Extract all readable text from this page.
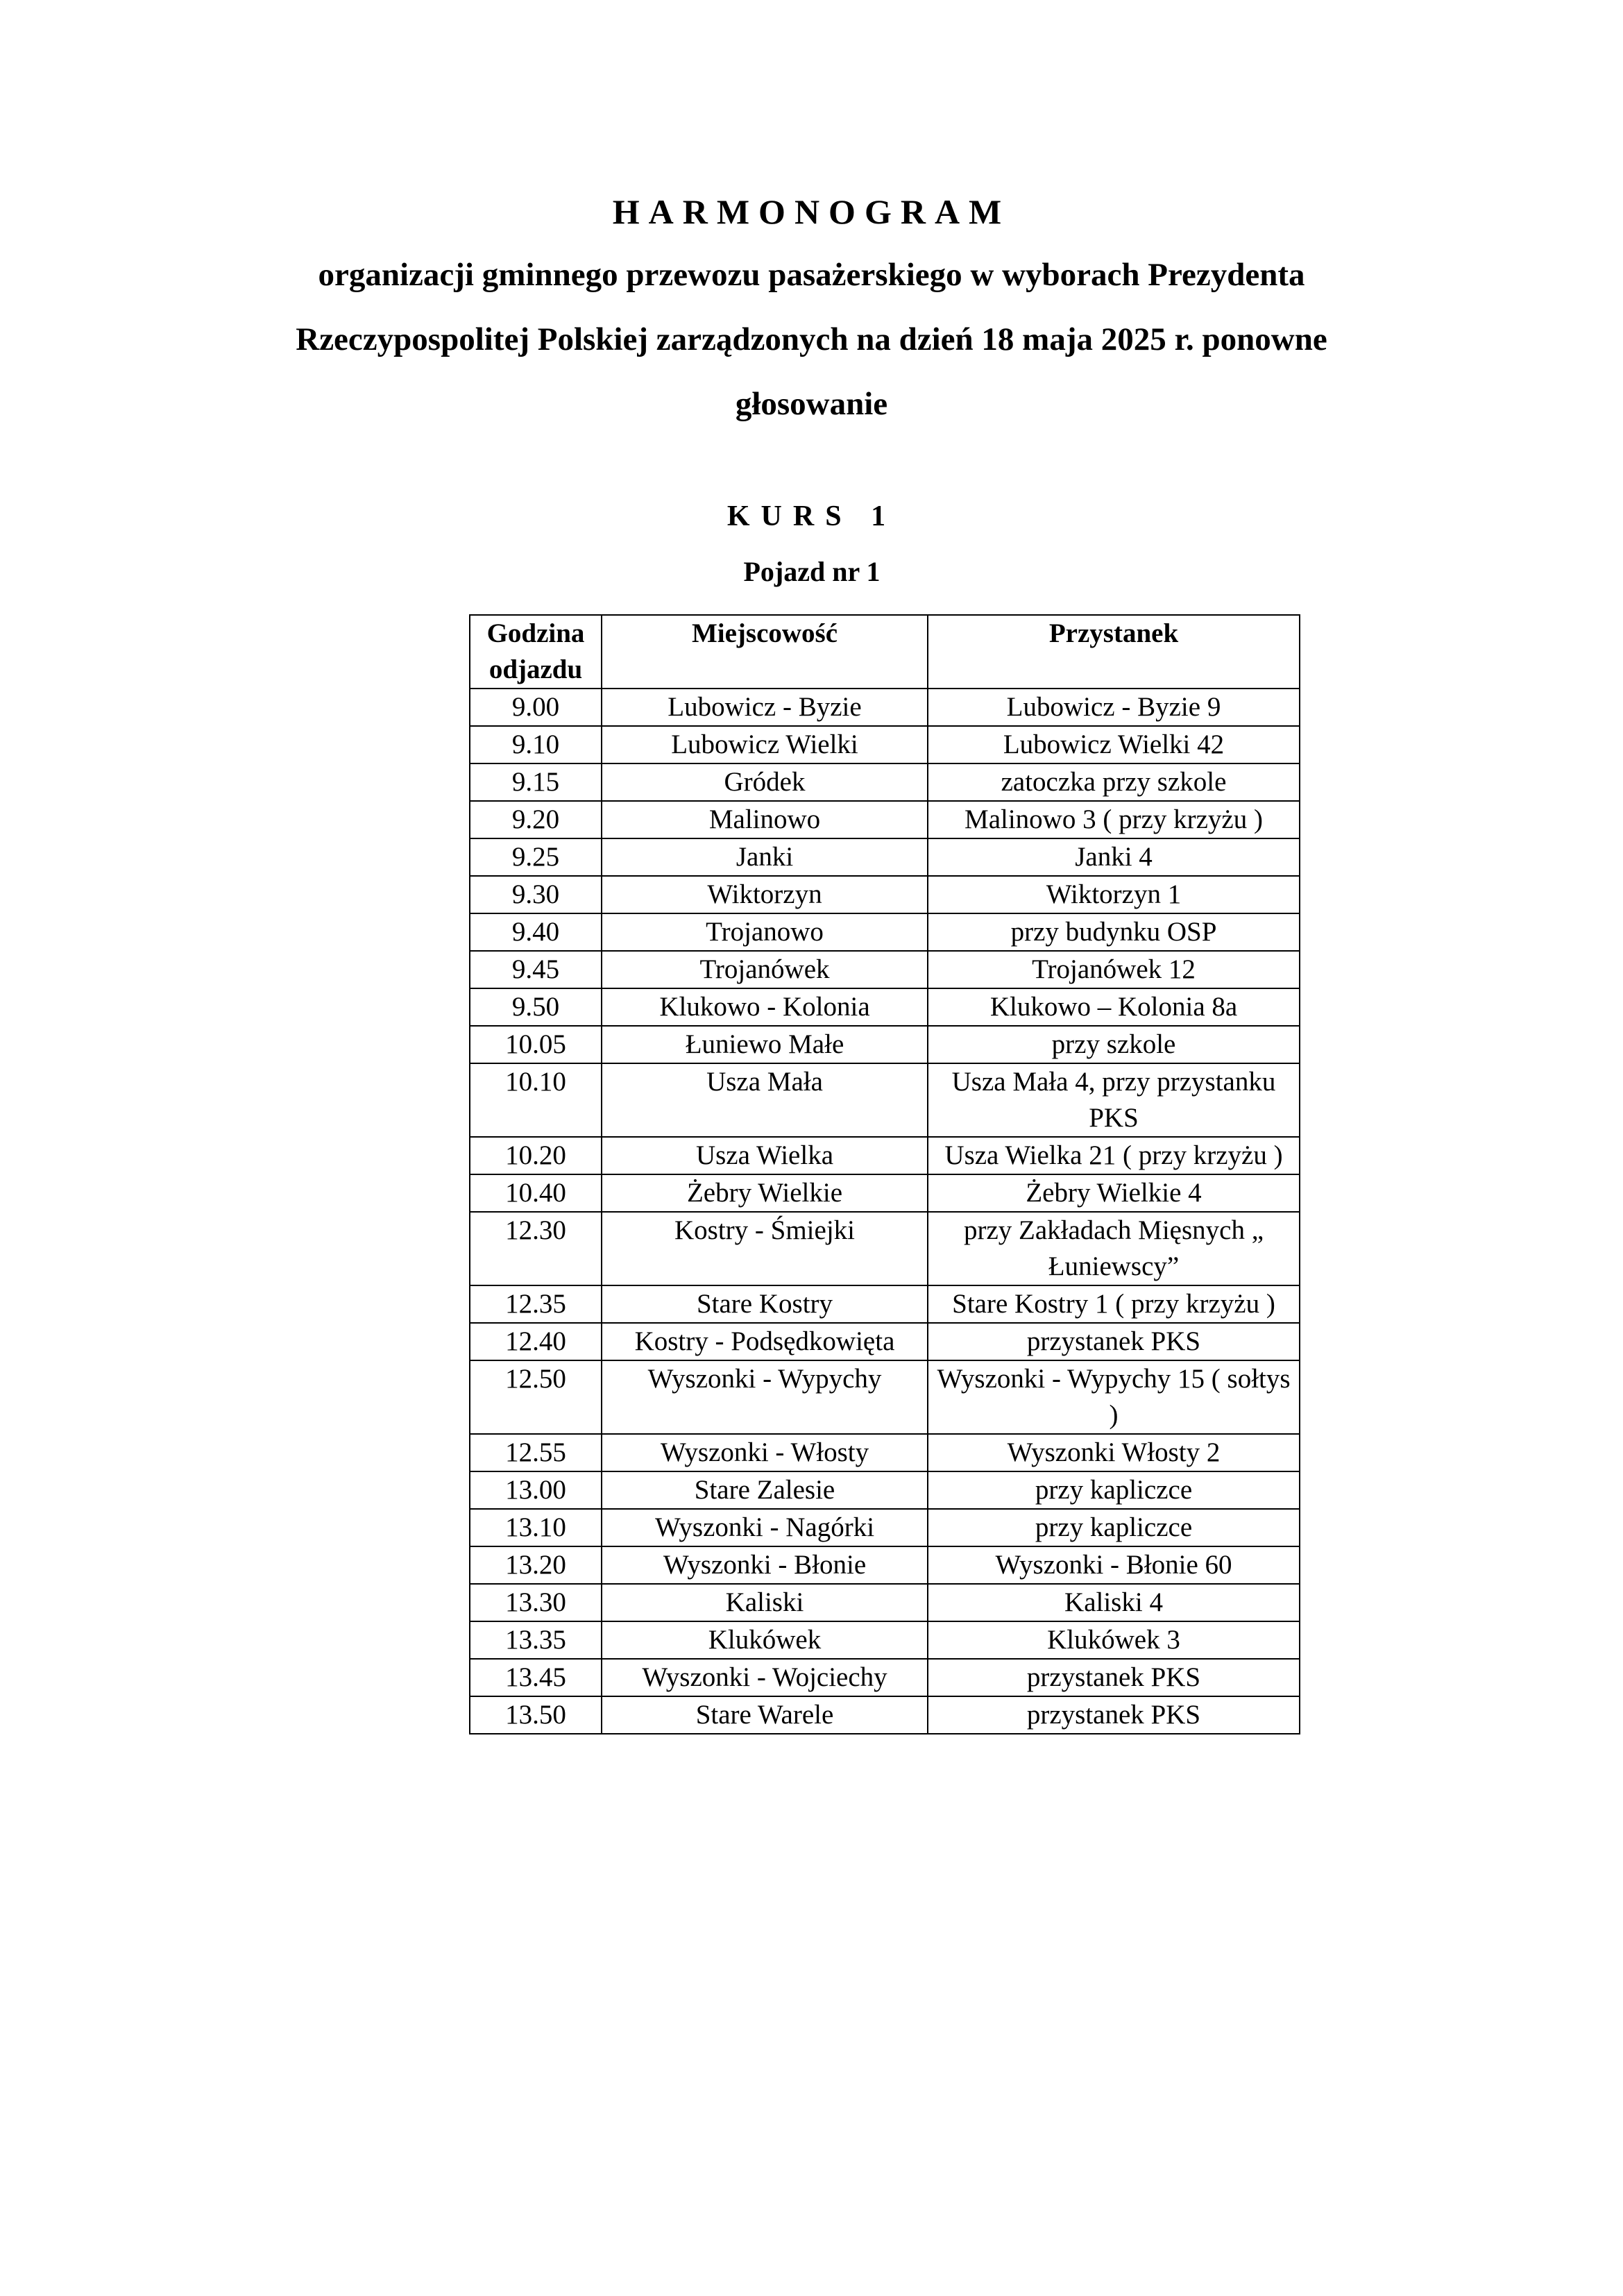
HARMONOGRAM

organizacji gminnego przewozu pasażerskiego w wyborach Prezydenta

Rzeczypospolitej Polskiej zarządzonych na dzień 18 maja 2025 r. ponowne

głosowanie

KURS 1
Pojazd nr 1
Godzina odjazdu	Miejscowość	Przystanek
9.00	Lubowicz - Byzie	Lubowicz - Byzie 9
9.10	Lubowicz Wielki	Lubowicz Wielki 42
9.15	Gródek	zatoczka przy szkole
9.20	Malinowo	Malinowo 3 ( przy krzyżu )
9.25	Janki	Janki 4
9.30	Wiktorzyn	Wiktorzyn 1
9.40	Trojanowo	przy budynku OSP
9.45	Trojanówek	Trojanówek 12
9.50	Klukowo - Kolonia	Klukowo – Kolonia 8a
10.05	Łuniewo Małe	przy szkole
10.10	Usza Mała	Usza Mała 4, przy przystanku PKS
10.20	Usza Wielka	Usza Wielka 21 ( przy krzyżu )
10.40	Żebry Wielkie	Żebry Wielkie 4
12.30	Kostry - Śmiejki	przy Zakładach Mięsnych „ Łuniewscy”
12.35	Stare Kostry	Stare Kostry 1 ( przy krzyżu )
12.40	Kostry - Podsędkowięta	przystanek PKS
12.50	Wyszonki - Wypychy	Wyszonki - Wypychy 15 ( sołtys )
12.55	Wyszonki - Włosty	Wyszonki Włosty 2
13.00	Stare Zalesie	przy kapliczce
13.10	Wyszonki - Nagórki	przy kapliczce
13.20	Wyszonki - Błonie	Wyszonki - Błonie 60
13.30	Kaliski	Kaliski 4
13.35	Klukówek	Klukówek 3
13.45	Wyszonki - Wojciechy	przystanek PKS
13.50	Stare Warele	przystanek PKS
